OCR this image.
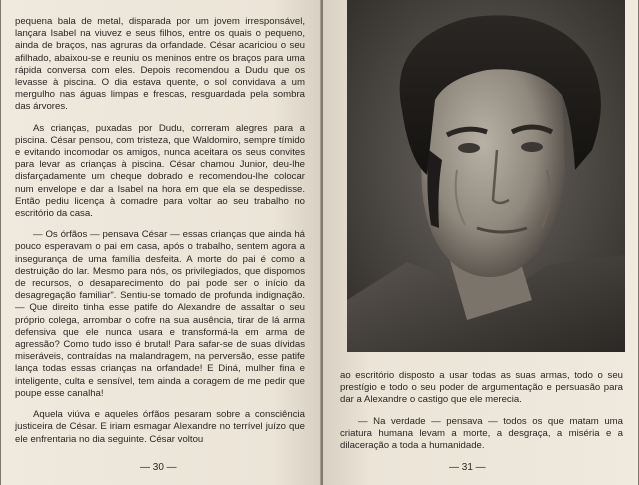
pequena bala de metal, disparada por um jovem irresponsável, lançara Isabel na viuvez e seus filhos, entre os quais o pequeno, ainda de braços, nas agruras da orfandade. César acariciou o seu afilhado, abaixou-se e reuniu os meninos entre os braços para uma rápida conversa com eles. Depois recomendou a Dudu que os levasse à piscina. O dia estava quente, o sol convidava a um mergulho nas águas limpas e frescas, resguardada pela sombra das árvores.

As crianças, puxadas por Dudu, correram alegres para a piscina. César pensou, com tristeza, que Waldomiro, sempre tímido e evitando incomodar os amigos, nunca aceitara os seus convites para levar as crianças à piscina. César chamou Junior, deu-lhe disfarçadamente um cheque dobrado e recomendou-lhe colocar num envelope e dar a Isabel na hora em que ela se despedisse. Então pediu licença à comadre para voltar ao seu trabalho no escritório da casa.

— Os órfãos — pensava César — essas crianças que ainda há pouco esperavam o pai em casa, após o trabalho, sentem agora a insegurança de uma família desfeita. A morte do pai é como a destruição do lar. Mesmo para nós, os privilegiados, que dispomos de recursos, o desaparecimento do pai pode ser o início da desagregação familiar". Sentiu-se tomado de profunda indignação. — Que direito tinha esse patife do Alexandre de assaltar o seu próprio colega, arrombar o cofre na sua ausência, tirar de lá arma defensiva que ele nunca usara e transformá-la em arma de agressão? Como tudo isso é brutal! Para safar-se de suas dívidas miseráveis, contraídas na malandragem, na perversão, esse patife lança todas essas crianças na orfandade! E Diná, mulher fina e inteligente, culta e sensível, tem ainda a coragem de me pedir que poupe esse canalha!

Aquela viúva e aqueles órfãos pesaram sobre a consciência justiceira de César. E iriam esmagar Alexandre no terrível juízo que ele enfrentaria no dia seguinte. César voltou

— 30 —

ao escritório disposto a usar todas as suas armas, todo o seu prestígio e todo o seu poder de argumentação e persuasão para dar a Alexandre o castigo que ele merecia.

— Na verdade — pensava — todos os que matam uma criatura humana levam a morte, a desgraça, a miséria e a dilaceração a toda a humanidade.

— 31 —
